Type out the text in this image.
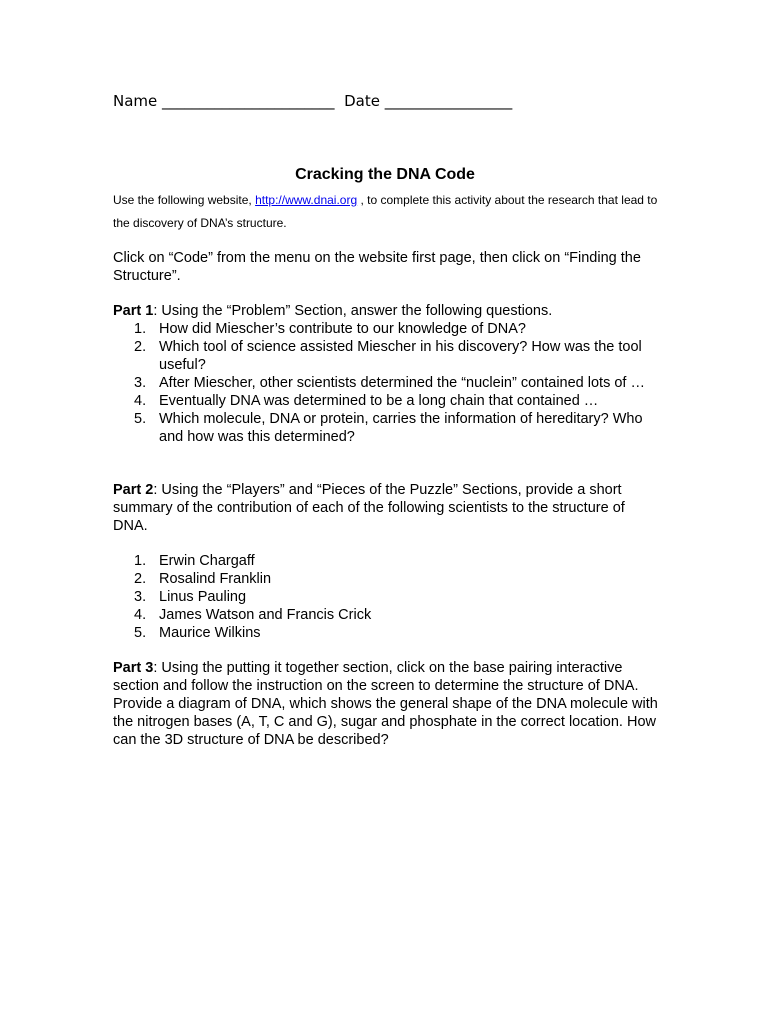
Name _______________________ Date _________________
Cracking the DNA Code
Use the following website, http://www.dnai.org , to complete this activity about the research that lead to the discovery of DNA’s structure.
Click on “Code” from the menu on the website first page, then click on “Finding the Structure”.
Part 1: Using the “Problem” Section, answer the following questions.
1. How did Miescher’s contribute to our knowledge of DNA?
2. Which tool of science assisted Miescher in his discovery? How was the tool useful?
3. After Miescher, other scientists determined the “nuclein” contained lots of …
4. Eventually DNA was determined to be a long chain that contained …
5. Which molecule, DNA or protein, carries the information of hereditary? Who and how was this determined?
Part 2: Using the “Players” and “Pieces of the Puzzle” Sections, provide a short summary of the contribution of each of the following scientists to the structure of DNA.
1. Erwin Chargaff
2. Rosalind Franklin
3. Linus Pauling
4. James Watson and Francis Crick
5. Maurice Wilkins
Part 3: Using the putting it together section, click on the base pairing interactive section and follow the instruction on the screen to determine the structure of DNA. Provide a diagram of DNA, which shows the general shape of the DNA molecule with the nitrogen bases (A, T, C and G), sugar and phosphate in the correct location. How can the 3D structure of DNA be described?
